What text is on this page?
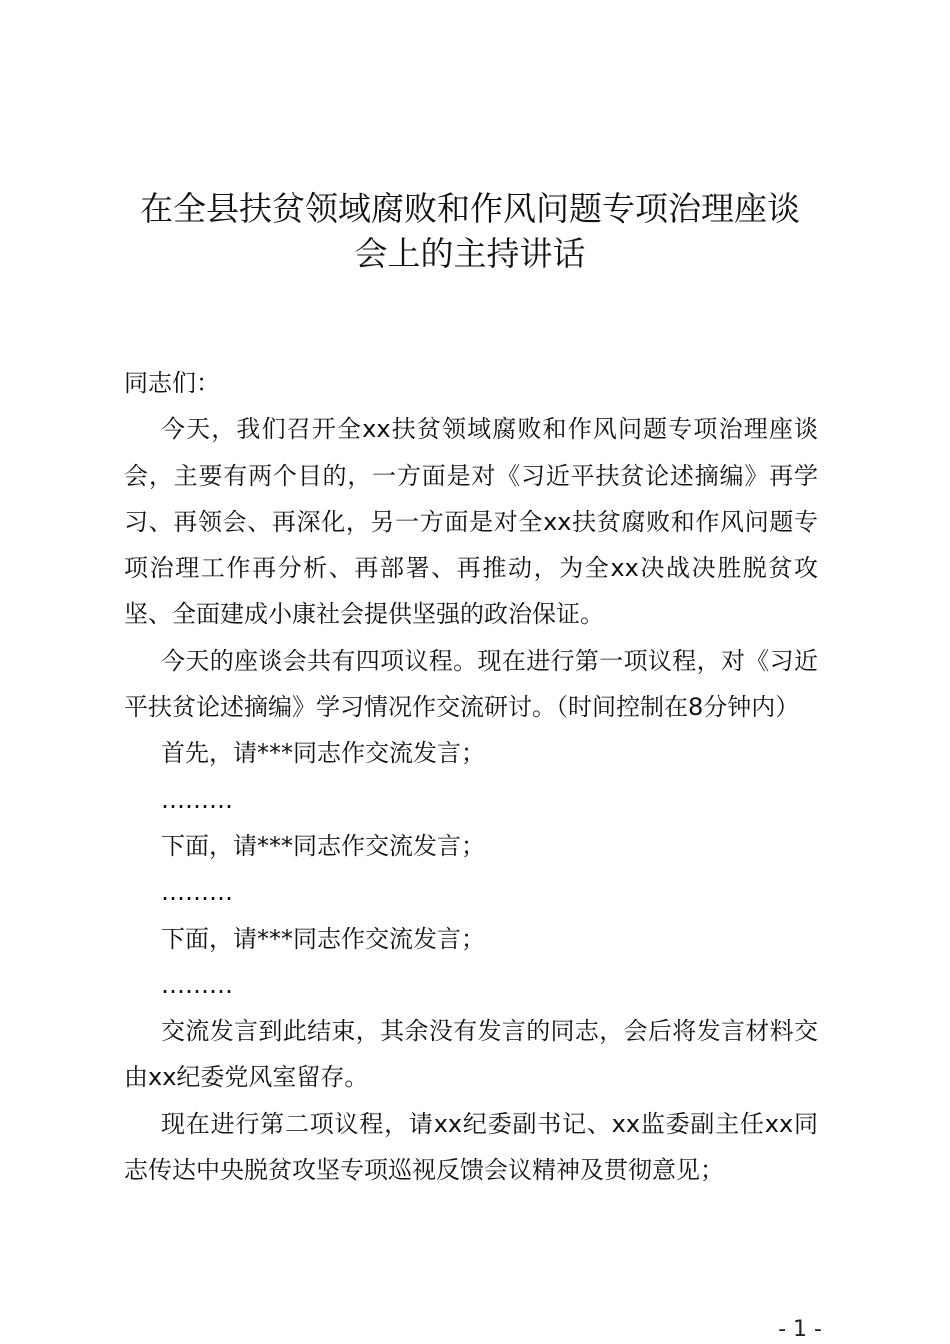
在全县扶贫领域腐败和作风问题专项治理座谈
会上的主持讲话

同志们：

今天，我们召开全xx扶贫领域腐败和作风问题专项治理座谈会，主要有两个目的，一方面是对《习近平扶贫论述摘编》再学习、再领会、再深化，另一方面是对全xx扶贫腐败和作风问题专项治理工作再分析、再部署、再推动，为全xx决战决胜脱贫攻坚、全面建成小康社会提供坚强的政治保证。

今天的座谈会共有四项议程。现在进行第一项议程，对《习近平扶贫论述摘编》学习情况作交流研讨。（时间控制在8分钟内）

首先，请***同志作交流发言；

………

下面，请***同志作交流发言；

………

下面，请***同志作交流发言；

………

交流发言到此结束，其余没有发言的同志，会后将发言材料交由xx纪委党风室留存。

现在进行第二项议程，请xx纪委副书记、xx监委副主任xx同志传达中央脱贫攻坚专项巡视反馈会议精神及贯彻意见；

- 1 -
